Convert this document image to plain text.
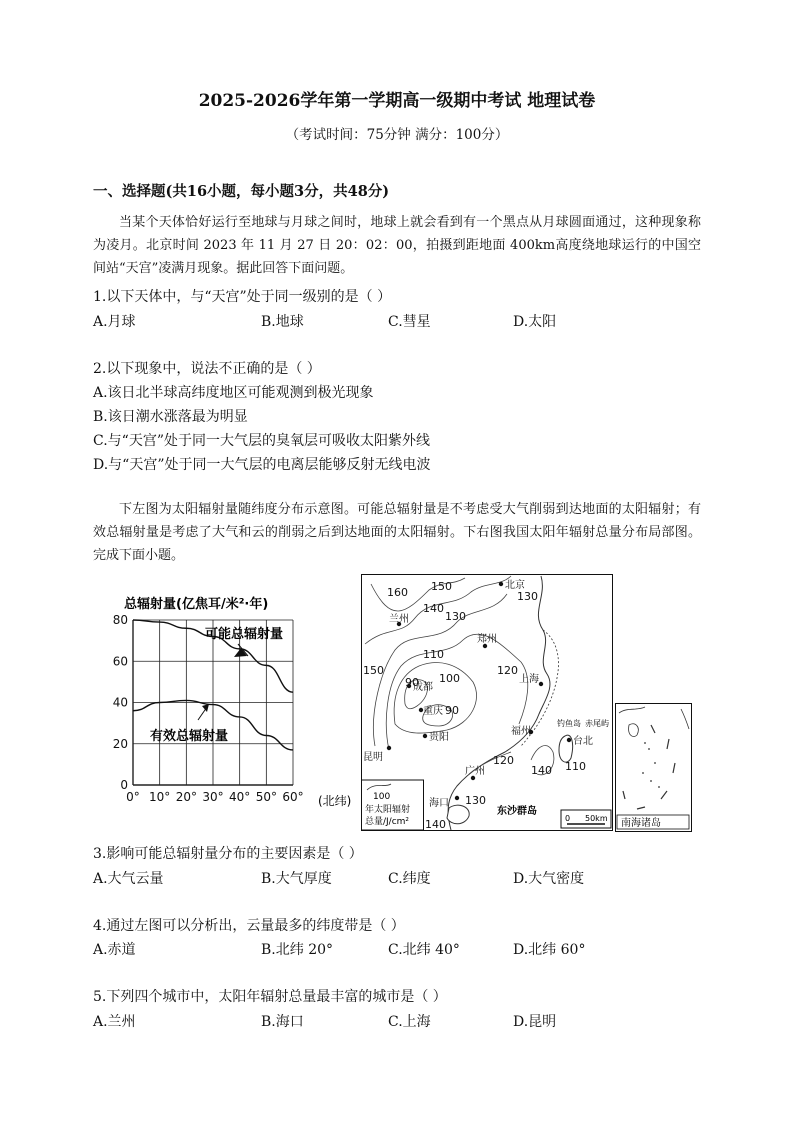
2025-2026学年第一学期高一级期中考试 地理试卷
（考试时间：75分钟 满分：100分）
一、选择题(共16小题，每小题3分，共48分)
当某个天体恰好运行至地球与月球之间时，地球上就会看到有一个黑点从月球圆面通过，这种现象称为凌月。北京时间 2023 年 11 月 27 日 20：02：00，拍摄到距地面 400km高度绕地球运行的中国空间站“天宫”凌满月现象。据此回答下面问题。
1.以下天体中，与“天宫”处于同一级别的是（ ）
A.月球	B.地球	C.彗星	D.太阳
2.以下现象中，说法不正确的是（ ）
A.该日北半球高纬度地区可能观测到极光现象
B.该日潮水涨落最为明显
C.与“天宫”处于同一大气层的臭氧层可吸收太阳紫外线
D.与“天宫”处于同一大气层的电离层能够反射无线电波
下左图为太阳辐射量随纬度分布示意图。可能总辐射量是不考虑受大气削弱到达地面的太阳辐射；有效总辐射量是考虑了大气和云的削弱之后到达地面的太阳辐射。下右图我国太阳年辐射总量分布局部图。完成下面小题。
总辐射量(亿焦耳/米²·年)
0° 10° 20° 30° 40° 50° 60°
0
20
40
60
80
可能总辐射量
有效总辐射量
(北纬)
北京
兰州
郑州
上海
成都
重庆
贵阳
福州
台北
广州
昆明
海口
160 150
140
130
150
130
110
100
120
90
90
120
140 110
130
140
钓鱼岛 赤尾屿
东沙群岛
100
年太阳辐射
总量/J/cm²	0 50km 南海诸岛
3.影响可能总辐射量分布的主要因素是（ ）
A.大气云量	B.大气厚度	C.纬度	D.大气密度
4.通过左图可以分析出，云量最多的纬度带是（ ）
A.赤道	B.北纬 20°	C.北纬 40°	D.北纬 60°
5.下列四个城市中，太阳年辐射总量最丰富的城市是（ ）
A.兰州	B.海口	C.上海	D.昆明
